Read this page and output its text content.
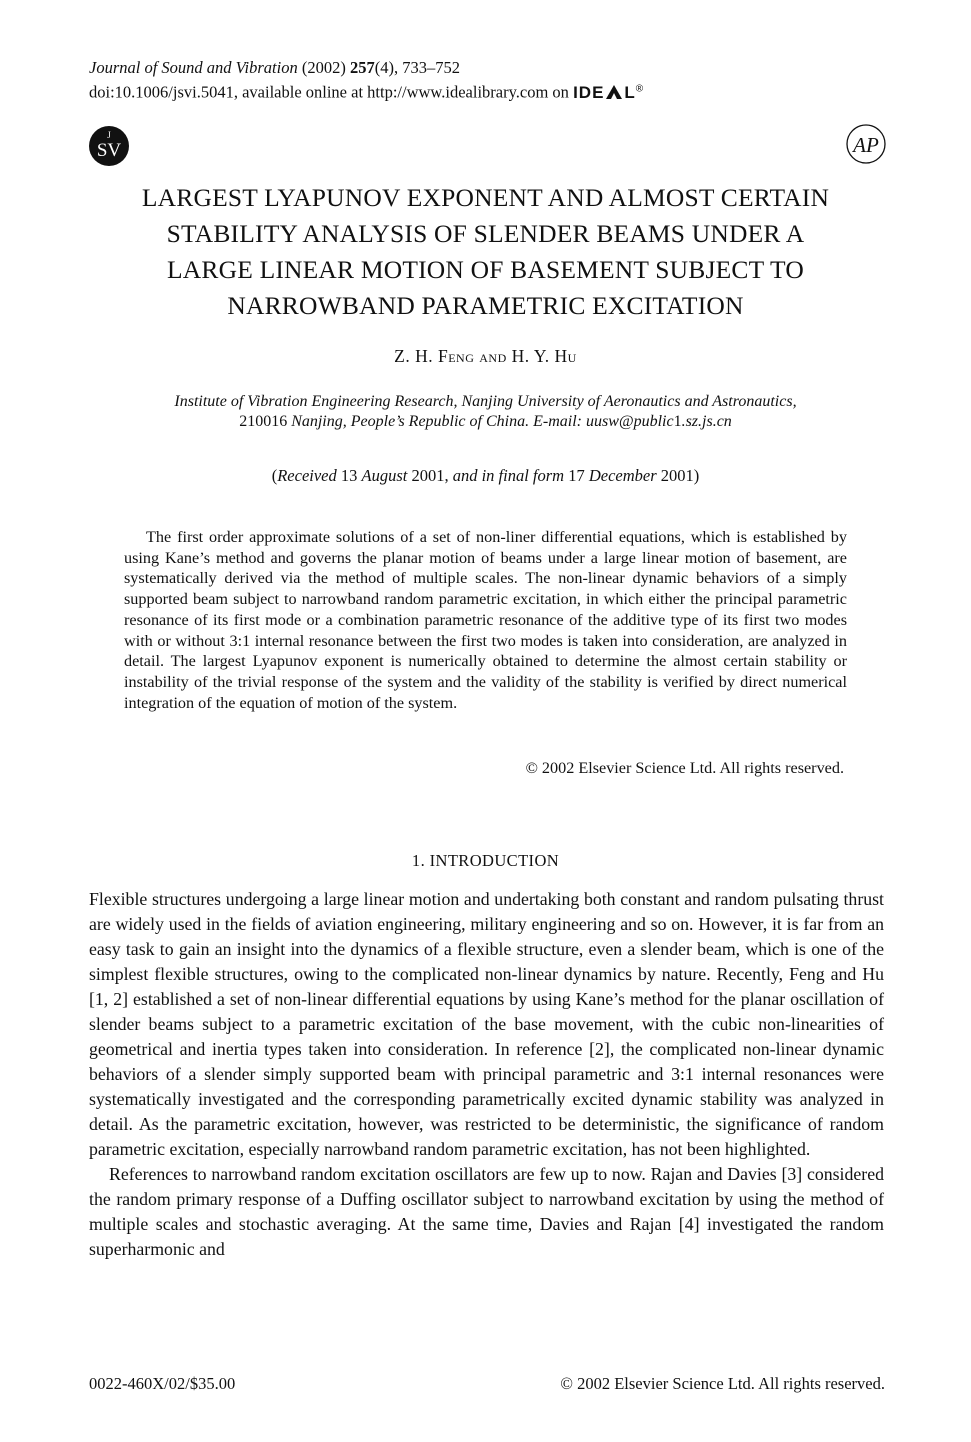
Journal of Sound and Vibration (2002) 257(4), 733–752
doi:10.1006/jsvi.5041, available online at http://www.idealibrary.com on IDE L®
J
SV	AP
LARGEST LYAPUNOV EXPONENT AND ALMOST CERTAIN
STABILITY ANALYSIS OF SLENDER BEAMS UNDER A
LARGE LINEAR MOTION OF BASEMENT SUBJECT TO
NARROWBAND PARAMETRIC EXCITATION
Z. H. Feng and H. Y. Hu
Institute of Vibration Engineering Research, Nanjing University of Aeronautics and Astronautics,
210016 Nanjing, People’s Republic of China. E-mail: uusw@public1.sz.js.cn
(Received 13 August 2001, and in final form 17 December 2001)
The first order approximate solutions of a set of non-liner differential equations, which is established by using Kane’s method and governs the planar motion of beams under a large linear motion of basement, are systematically derived via the method of multiple scales. The non-linear dynamic behaviors of a simply supported beam subject to narrowband random parametric excitation, in which either the principal parametric resonance of its first mode or a combination parametric resonance of the additive type of its first two modes with or without 3:1 internal resonance between the first two modes is taken into consideration, are analyzed in detail. The largest Lyapunov exponent is numerically obtained to determine the almost certain stability or instability of the trivial response of the system and the validity of the stability is verified by direct numerical integration of the equation of motion of the system.
© 2002 Elsevier Science Ltd. All rights reserved.
1. INTRODUCTION

Flexible structures undergoing a large linear motion and undertaking both constant and random pulsating thrust are widely used in the fields of aviation engineering, military engineering and so on. However, it is far from an easy task to gain an insight into the dynamics of a flexible structure, even a slender beam, which is one of the simplest flexible structures, owing to the complicated non-linear dynamics by nature. Recently, Feng and Hu [1, 2] established a set of non-linear differential equations by using Kane’s method for the planar oscillation of slender beams subject to a parametric excitation of the base movement, with the cubic non-linearities of geometrical and inertia types taken into consideration. In reference [2], the complicated non-linear dynamic behaviors of a slender simply supported beam with principal parametric and 3:1 internal resonances were systematically investigated and the corresponding parametrically excited dynamic stability was analyzed in detail. As the parametric excitation, however, was restricted to be deterministic, the significance of random parametric excitation, especially narrowband random parametric excitation, has not been highlighted.

References to narrowband random excitation oscillators are few up to now. Rajan and Davies [3] considered the random primary response of a Duffing oscillator subject to narrowband excitation by using the method of multiple scales and stochastic averaging. At the same time, Davies and Rajan [4] investigated the random superharmonic and

0022-460X/02/$35.00	© 2002 Elsevier Science Ltd. All rights reserved.
